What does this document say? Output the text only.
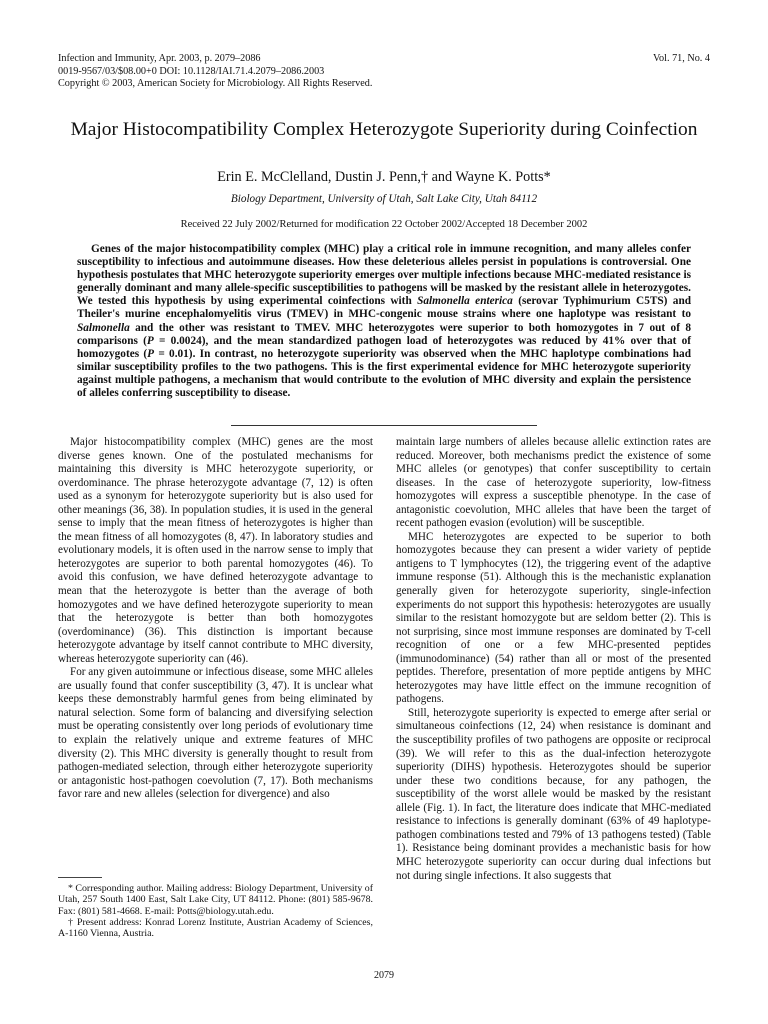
Infection and Immunity, Apr. 2003, p. 2079–2086
0019-9567/03/$08.00+0 DOI: 10.1128/IAI.71.4.2079–2086.2003
Copyright © 2003, American Society for Microbiology. All Rights Reserved.
Vol. 71, No. 4
Major Histocompatibility Complex Heterozygote Superiority during Coinfection
Erin E. McClelland, Dustin J. Penn,† and Wayne K. Potts*
Biology Department, University of Utah, Salt Lake City, Utah 84112
Received 22 July 2002/Returned for modification 22 October 2002/Accepted 18 December 2002
Genes of the major histocompatibility complex (MHC) play a critical role in immune recognition, and many alleles confer susceptibility to infectious and autoimmune diseases. How these deleterious alleles persist in populations is controversial. One hypothesis postulates that MHC heterozygote superiority emerges over multiple infections because MHC-mediated resistance is generally dominant and many allele-specific susceptibilities to pathogens will be masked by the resistant allele in heterozygotes. We tested this hypothesis by using experimental coinfections with Salmonella enterica (serovar Typhimurium C5TS) and Theiler's murine encephalomyelitis virus (TMEV) in MHC-congenic mouse strains where one haplotype was resistant to Salmonella and the other was resistant to TMEV. MHC heterozygotes were superior to both homozygotes in 7 out of 8 comparisons (P = 0.0024), and the mean standardized pathogen load of heterozygotes was reduced by 41% over that of homozygotes (P = 0.01). In contrast, no heterozygote superiority was observed when the MHC haplotype combinations had similar susceptibility profiles to the two pathogens. This is the first experimental evidence for MHC heterozygote superiority against multiple pathogens, a mechanism that would contribute to the evolution of MHC diversity and explain the persistence of alleles conferring susceptibility to disease.

Major histocompatibility complex (MHC) genes are the most diverse genes known. One of the postulated mechanisms for maintaining this diversity is MHC heterozygote superiority, or overdominance. The phrase heterozygote advantage (7, 12) is often used as a synonym for heterozygote superiority but is also used for other meanings (36, 38). In population studies, it is used in the general sense to imply that the mean fitness of heterozygotes is higher than the mean fitness of all homozygotes (8, 47). In laboratory studies and evolutionary models, it is often used in the narrow sense to imply that heterozygotes are superior to both parental homozygotes (46). To avoid this confusion, we have defined heterozygote advantage to mean that the heterozygote is better than the average of both homozygotes and we have defined heterozygote superiority to mean that the heterozygote is better than both homozygotes (overdominance) (36). This distinction is important because heterozygote advantage by itself cannot contribute to MHC diversity, whereas heterozygote superiority can (46).

For any given autoimmune or infectious disease, some MHC alleles are usually found that confer susceptibility (3, 47). It is unclear what keeps these demonstrably harmful genes from being eliminated by natural selection. Some form of balancing and diversifying selection must be operating consistently over long periods of evolutionary time to explain the relatively unique and extreme features of MHC diversity (2). This MHC diversity is generally thought to result from pathogen-mediated selection, through either heterozygote superiority or antagonistic host-pathogen coevolution (7, 17). Both mechanisms favor rare and new alleles (selection for divergence) and also

* Corresponding author. Mailing address: Biology Department, University of Utah, 257 South 1400 East, Salt Lake City, UT 84112. Phone: (801) 585-9678. Fax: (801) 581-4668. E-mail: Potts@biology.utah.edu.

† Present address: Konrad Lorenz Institute, Austrian Academy of Sciences, A-1160 Vienna, Austria.

maintain large numbers of alleles because allelic extinction rates are reduced. Moreover, both mechanisms predict the existence of some MHC alleles (or genotypes) that confer susceptibility to certain diseases. In the case of heterozygote superiority, low-fitness homozygotes will express a susceptible phenotype. In the case of antagonistic coevolution, MHC alleles that have been the target of recent pathogen evasion (evolution) will be susceptible.

MHC heterozygotes are expected to be superior to both homozygotes because they can present a wider variety of peptide antigens to T lymphocytes (12), the triggering event of the adaptive immune response (51). Although this is the mechanistic explanation generally given for heterozygote superiority, single-infection experiments do not support this hypothesis: heterozygotes are usually similar to the resistant homozygote but are seldom better (2). This is not surprising, since most immune responses are dominated by T-cell recognition of one or a few MHC-presented peptides (immunodominance) (54) rather than all or most of the presented peptides. Therefore, presentation of more peptide antigens by MHC heterozygotes may have little effect on the immune recognition of pathogens.

Still, heterozygote superiority is expected to emerge after serial or simultaneous coinfections (12, 24) when resistance is dominant and the susceptibility profiles of two pathogens are opposite or reciprocal (39). We will refer to this as the dual-infection heterozygote superiority (DIHS) hypothesis. Heterozygotes should be superior under these two conditions because, for any pathogen, the susceptibility of the worst allele would be masked by the resistant allele (Fig. 1). In fact, the literature does indicate that MHC-mediated resistance to infections is generally dominant (63% of 49 haplotype-pathogen combinations tested and 79% of 13 pathogens tested) (Table 1). Resistance being dominant provides a mechanistic basis for how MHC heterozygote superiority can occur during dual infections but not during single infections. It also suggests that

2079
